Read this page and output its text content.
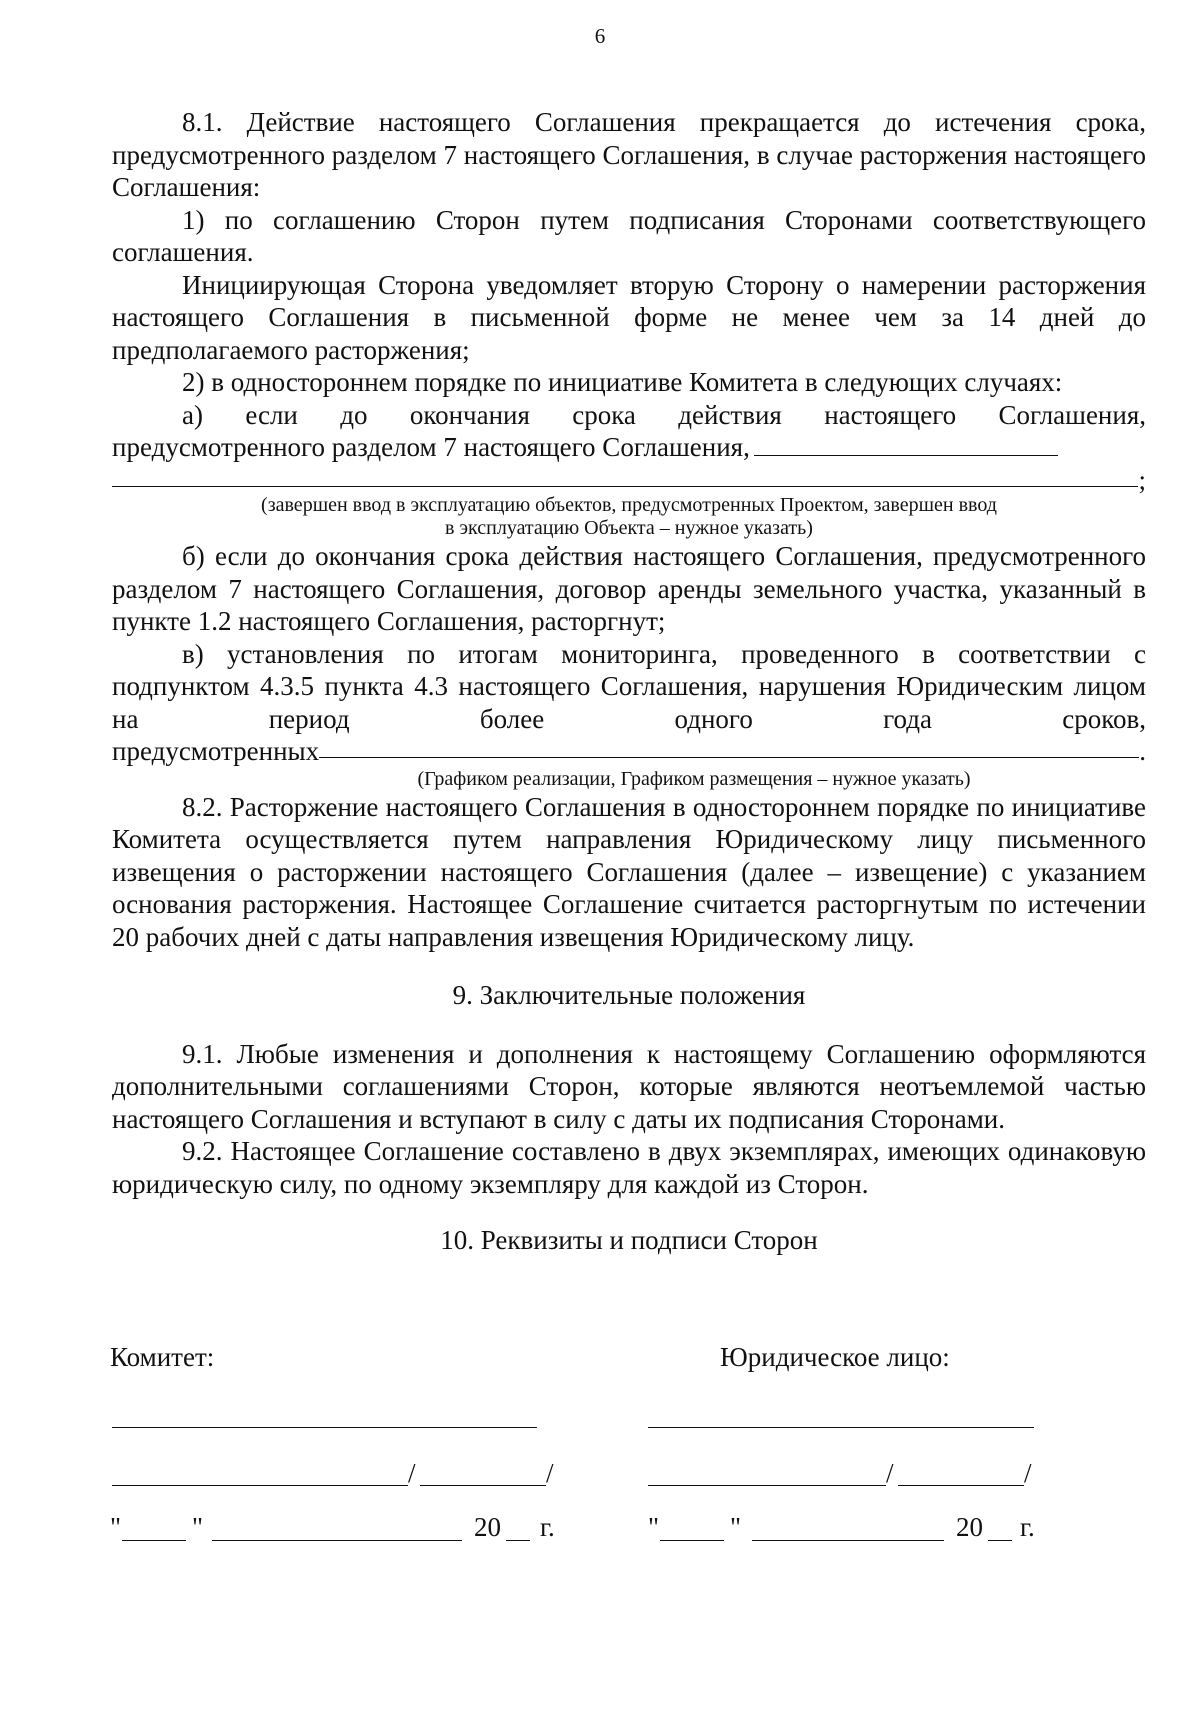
6

8.1. Действие настоящего Соглашения прекращается до истечения срока, предусмотренного разделом 7 настоящего Соглашения, в случае расторжения настоящего Соглашения:

1) по соглашению Сторон путем подписания Сторонами соответствующего соглашения.

Инициирующая Сторона уведомляет вторую Сторону о намерении расторжения настоящего Соглашения в письменной форме не менее чем за 14 дней до предполагаемого расторжения;

2) в одностороннем порядке по инициативе Комитета в следующих случаях:

а) если до окончания срока действия настоящего Соглашения,

предусмотренного разделом 7 настоящего Соглашения,
;

(завершен ввод в эксплуатацию объектов, предусмотренных Проектом, завершен ввод

в эксплуатацию Объекта – нужное указать)

б) если до окончания срока действия настоящего Соглашения, предусмотренного разделом 7 настоящего Соглашения, договор аренды земельного участка, указанный в пункте 1.2 настоящего Соглашения, расторгнут;

в) установления по итогам мониторинга, проведенного в соответствии с подпунктом 4.3.5 пункта 4.3 настоящего Соглашения, нарушения Юридическим лицом на период более одного года сроков,

предусмотренных	.

(Графиком реализации, Графиком размещения – нужное указать)

8.2. Расторжение настоящего Соглашения в одностороннем порядке по инициативе Комитета осуществляется путем направления Юридическому лицу письменного извещения о расторжении настоящего Соглашения (далее – извещение) с указанием основания расторжения. Настоящее Соглашение считается расторгнутым по истечении 20 рабочих дней с даты направления извещения Юридическому лицу.

9. Заключительные положения

9.1. Любые изменения и дополнения к настоящему Соглашению оформляются дополнительными соглашениями Сторон, которые являются неотъемлемой частью настоящего Соглашения и вступают в силу с даты их подписания Сторонами.

9.2. Настоящее Соглашение составлено в двух экземплярах, имеющих одинаковую юридическую силу, по одному экземпляру для каждой из Сторон.

10. Реквизиты и подписи Сторон

Комитет:	Юридическое лицо:
/	/	/	/
"	"	20 г.	"	"	20 г.
